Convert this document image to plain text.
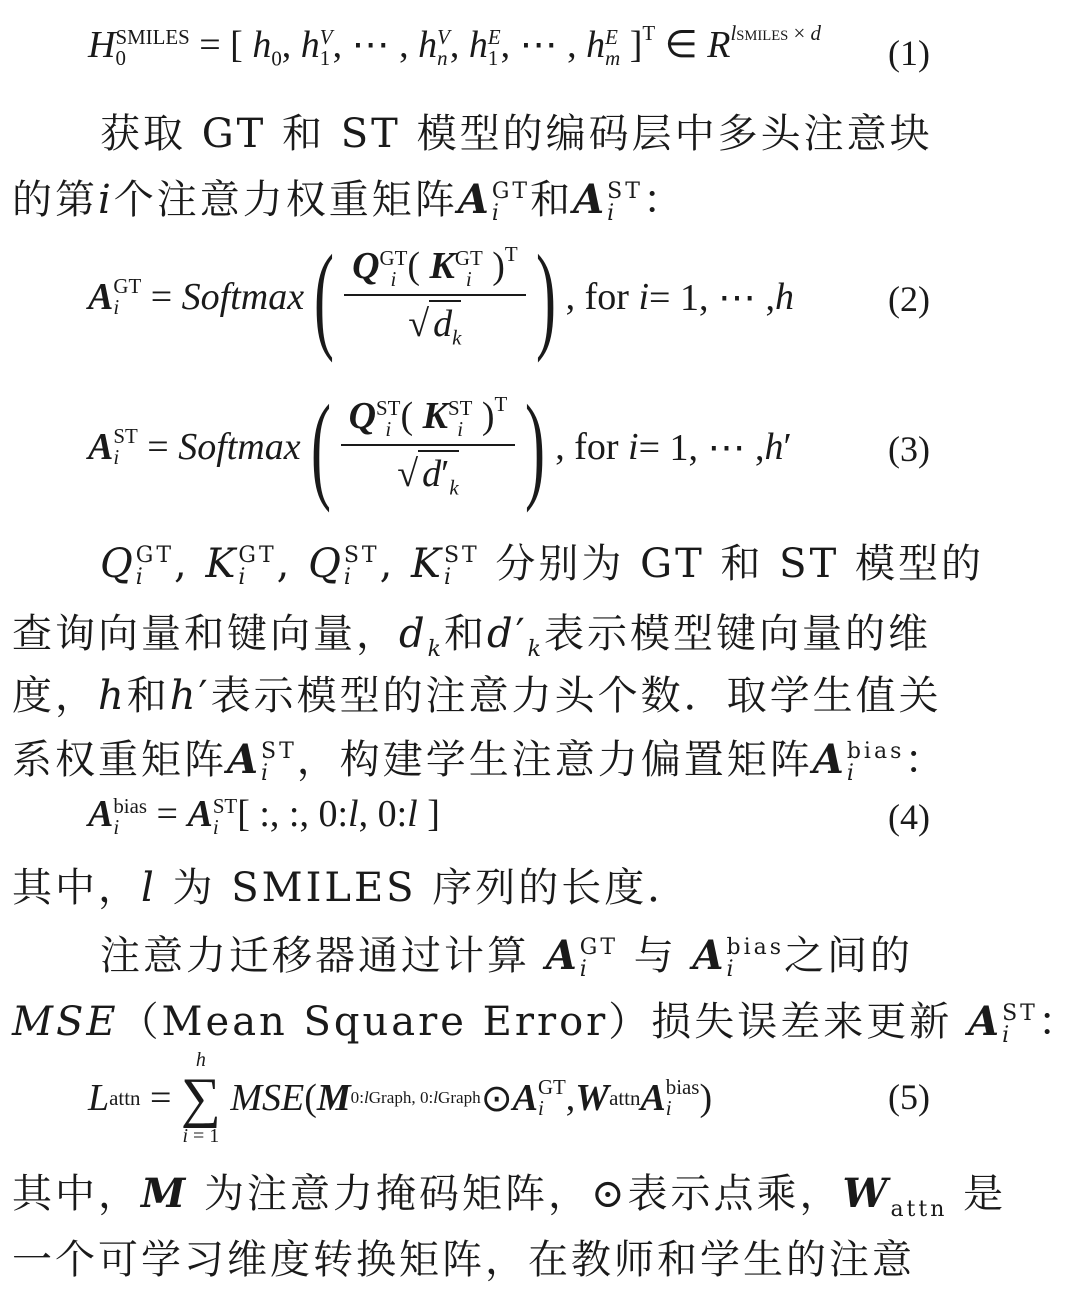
H SMILES
0	= [ $h_0$, h V
1 , ⋯ , h V
n , h E
1 , ⋯ , h E
m ]$^T$ ∈ $R^{lSMILES \times d}$	(1)
获取 GT 和 ST 模型的编码层中多头注意块
的第i个注意力权重矩阵A GT
i 和A ST
i ：
A GT
i = Softmax ( Q GT
i ( K GT
i )$^T$
√ $d_k$ ) , for
i = 1, ⋯ , h	(2)
A ST
i = Softmax ( Q ST
i ( K ST
i )$^T$
√ $d'_k$ ) , for
i = 1, ⋯ , h ′	(3)
Q GT
i , K GT
i , Q ST
i , K ST
i	分别为 GT 和 ST 模型的
查询向量和键向量，$d_k$和$d'_k$表示模型键向量的维
度，h和h′表示模型的注意力头个数．取学生值关
系权重矩阵A ST
i ，构建学生注意力偏置矩阵A bias
i	：
A bias
i = A ST
i [ :, :, 0:l, 0:l ]	(4)
其中，l 为 SMILES 序列的长度．
注意力迁移器通过计算 A GT
i	与 A bias
i	之间的
MSE（Mean Square Error）损失误差来更新 A ST
i ：
L attn =
h
∑
i = 1

MSE ( M 0:lGraph, 0:lGraph ⊙ A GT
i , W attn A bias
i )	(5)
其中，M 为注意力掩码矩阵，⊙表示点乘，$W_{attn}$ 是
一个可学习维度转换矩阵，在教师和学生的注意
